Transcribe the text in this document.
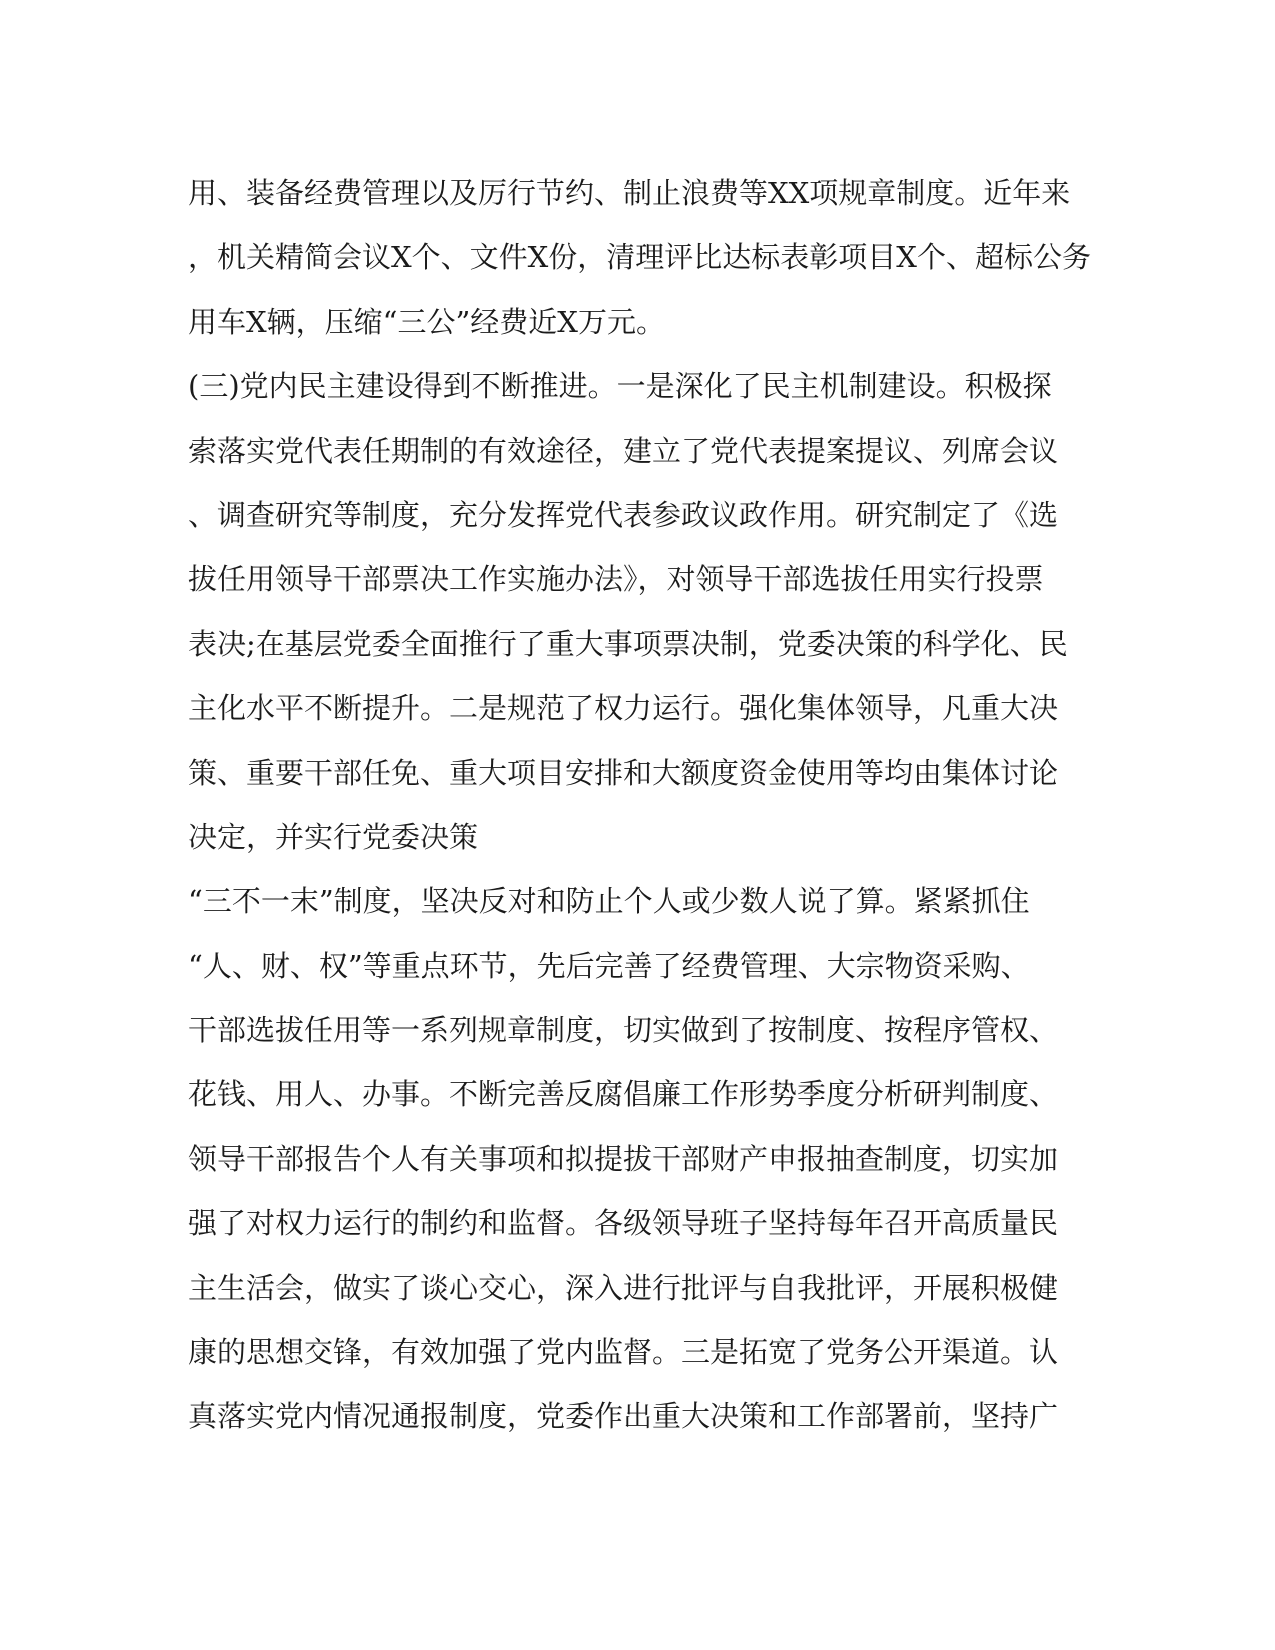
用、装备经费管理以及厉行节约、制止浪费等XX项规章制度。近年来
，机关精简会议X个、文件X份，清理评比达标表彰项目X个、超标公务
用车X辆，压缩“三公”经费近X万元。
(三)党内民主建设得到不断推进。一是深化了民主机制建设。积极探
索落实党代表任期制的有效途径，建立了党代表提案提议、列席会议
、调查研究等制度，充分发挥党代表参政议政作用。研究制定了《选
拔任用领导干部票决工作实施办法》，对领导干部选拔任用实行投票
表决;在基层党委全面推行了重大事项票决制，党委决策的科学化、民
主化水平不断提升。二是规范了权力运行。强化集体领导，凡重大决
策、重要干部任免、重大项目安排和大额度资金使用等均由集体讨论
决定，并实行党委决策
“三不一末”制度，坚决反对和防止个人或少数人说了算。紧紧抓住
“人、财、权”等重点环节，先后完善了经费管理、大宗物资采购、
干部选拔任用等一系列规章制度，切实做到了按制度、按程序管权、
花钱、用人、办事。不断完善反腐倡廉工作形势季度分析研判制度、
领导干部报告个人有关事项和拟提拔干部财产申报抽查制度，切实加
强了对权力运行的制约和监督。各级领导班子坚持每年召开高质量民
主生活会，做实了谈心交心，深入进行批评与自我批评，开展积极健
康的思想交锋，有效加强了党内监督。三是拓宽了党务公开渠道。认
真落实党内情况通报制度，党委作出重大决策和工作部署前，坚持广
